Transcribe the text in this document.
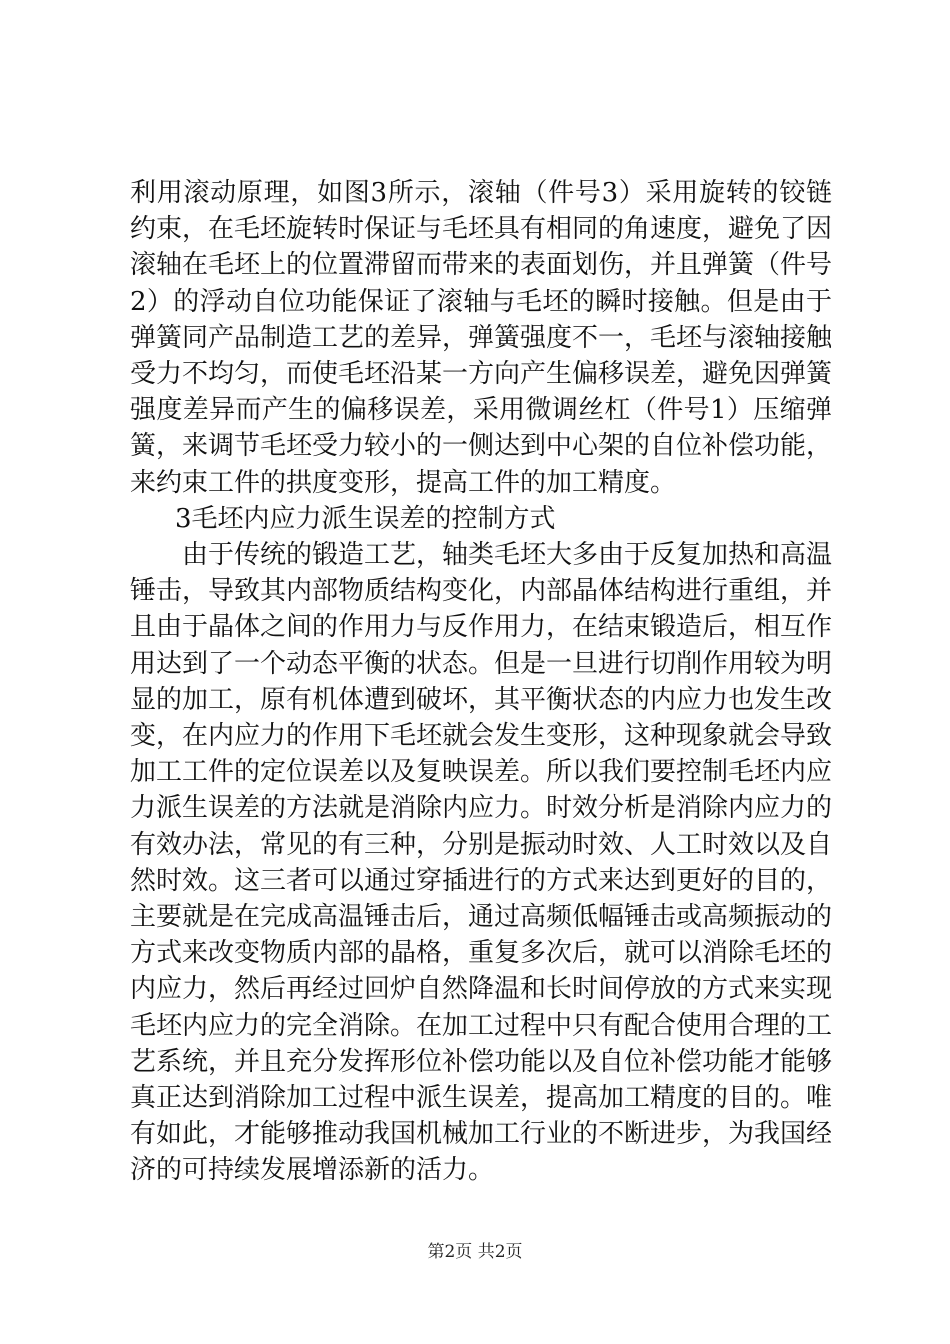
利用滚动原理，如图3所示，滚轴（件号3）采用旋转的铰链约束，在毛坯旋转时保证与毛坯具有相同的角速度，避免了因滚轴在毛坯上的位置滞留而带来的表面划伤，并且弹簧（件号2）的浮动自位功能保证了滚轴与毛坯的瞬时接触。但是由于弹簧同产品制造工艺的差异，弹簧强度不一，毛坯与滚轴接触受力不均匀，而使毛坯沿某一方向产生偏移误差，避免因弹簧强度差异而产生的偏移误差，采用微调丝杠（件号1）压缩弹簧，来调节毛坯受力较小的一侧达到中心架的自位补偿功能，来约束工件的拱度变形，提高工件的加工精度。

3毛坯内应力派生误差的控制方式

由于传统的锻造工艺，轴类毛坯大多由于反复加热和高温锤击，导致其内部物质结构变化，内部晶体结构进行重组，并且由于晶体之间的作用力与反作用力，在结束锻造后，相互作用达到了一个动态平衡的状态。但是一旦进行切削作用较为明显的加工，原有机体遭到破坏，其平衡状态的内应力也发生改变，在内应力的作用下毛坯就会发生变形，这种现象就会导致加工工件的定位误差以及复映误差。所以我们要控制毛坯内应力派生误差的方法就是消除内应力。时效分析是消除内应力的有效办法，常见的有三种，分别是振动时效、人工时效以及自然时效。这三者可以通过穿插进行的方式来达到更好的目的，主要就是在完成高温锤击后，通过高频低幅锤击或高频振动的方式来改变物质内部的晶格，重复多次后，就可以消除毛坯的内应力，然后再经过回炉自然降温和长时间停放的方式来实现毛坯内应力的完全消除。在加工过程中只有配合使用合理的工艺系统，并且充分发挥形位补偿功能以及自位补偿功能才能够真正达到消除加工过程中派生误差，提高加工精度的目的。唯有如此，才能够推动我国机械加工行业的不断进步，为我国经济的可持续发展增添新的活力。

第2页 共2页
